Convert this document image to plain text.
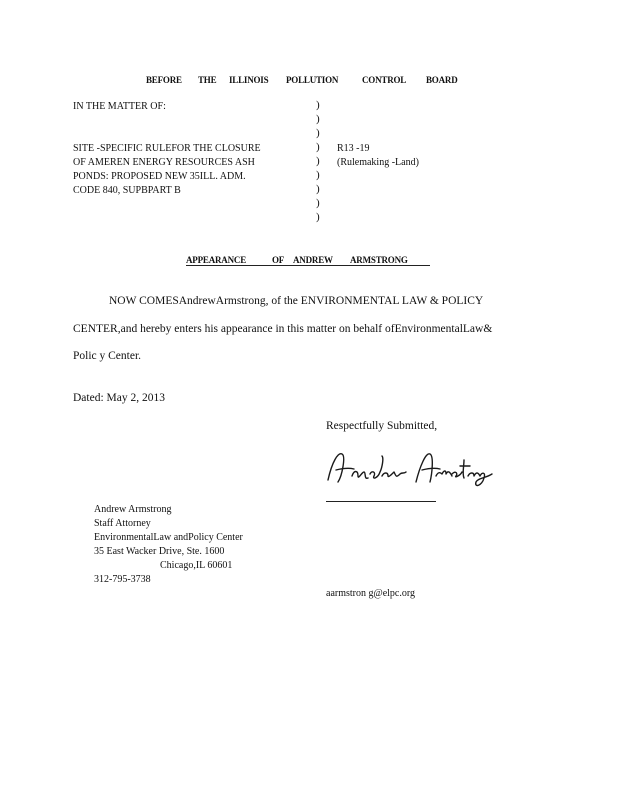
BEFORE THE ILLINOIS POLLUTION	CONTROL BOARD
IN THE MATTER OF:
SITE -SPECIFIC RULEFOR THE CLOSURE
OF AMEREN ENERGY RESOURCES ASH
PONDS: PROPOSED NEW 35ILL. ADM.
CODE 840, SUPBPART B
)
)
)
)
)
)
)
)
)
R13 -19
(Rulemaking -Land)
APPEARANCE	OF ANDREW ARMSTRONG
NOW COMESAndrewArmstrong, of the ENVIRONMENTAL LAW & POLICY
CENTER,and hereby enters his appearance in this matter on behalf ofEnvironmentalLaw&
Polic y Center.
Dated: May 2, 2013
Respectfully Submitted,
Andrew Armstrong
Staff Attorney
EnvironmentalLaw andPolicy Center
35 East Wacker Drive, Ste. 1600
Chicago,IL 60601
312-795-3738
aarmstron g@elpc.org
